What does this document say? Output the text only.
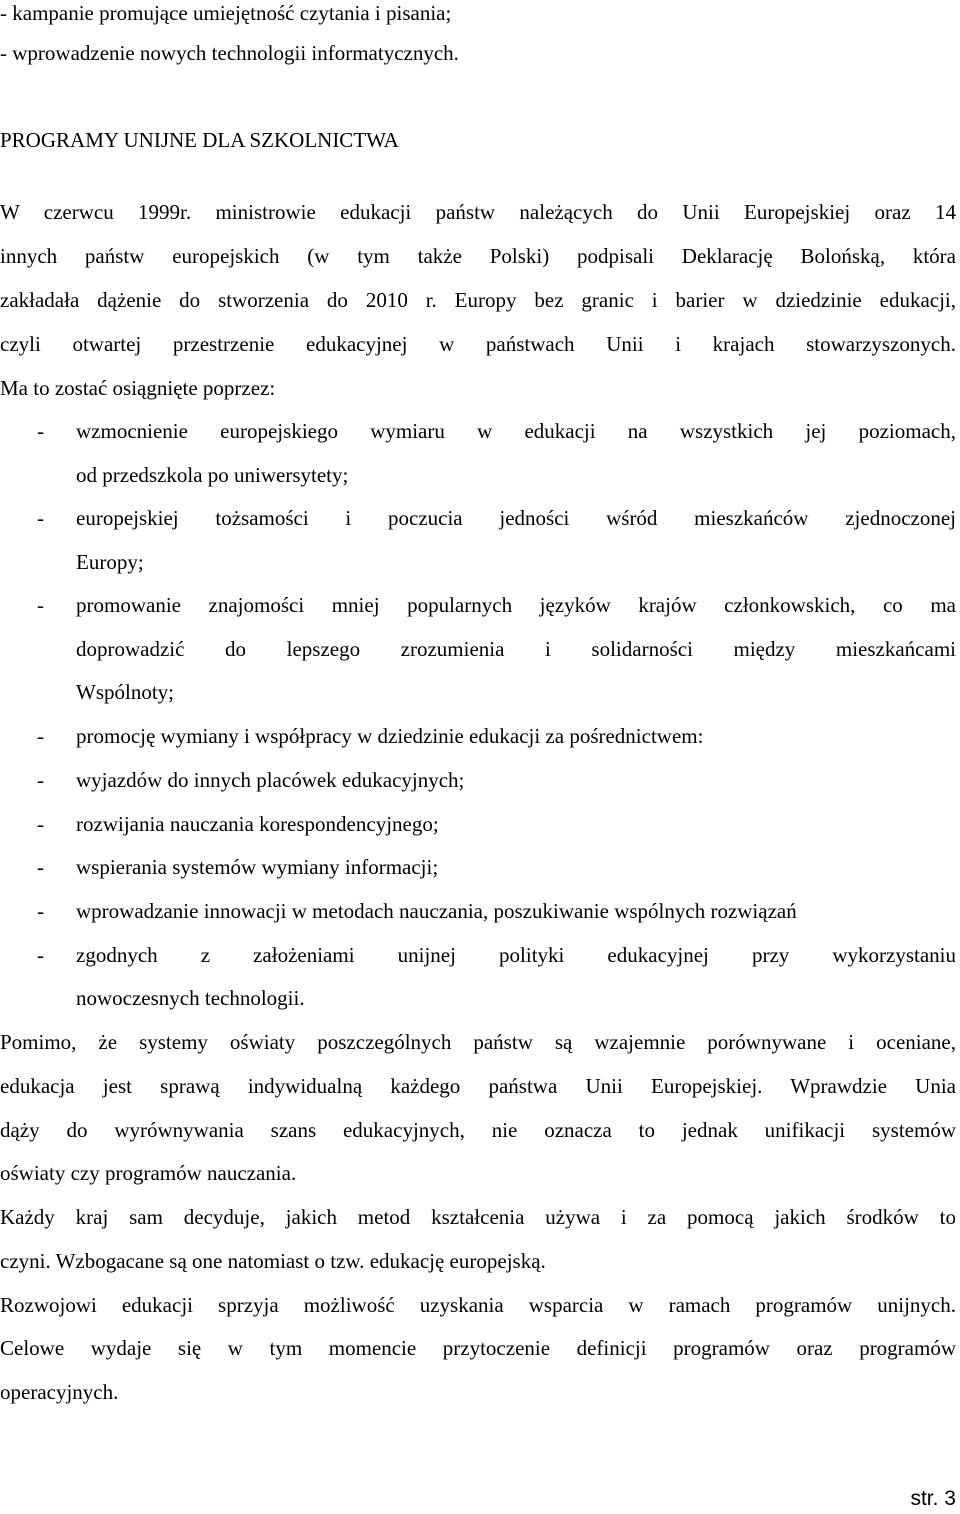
- kampanie promujące umiejętność czytania i pisania;

- wprowadzenie nowych technologii informatycznych.

PROGRAMY UNIJNE DLA SZKOLNICTWA

W czerwcu 1999r. ministrowie edukacji państw należących do Unii Europejskiej oraz 14

innych państw europejskich (w tym także Polski) podpisali Deklarację Bolońską, która

zakładała dążenie do stworzenia do 2010 r. Europy bez granic i barier w dziedzinie edukacji,

czyli otwartej przestrzenie edukacyjnej w państwach Unii i krajach stowarzyszonych.

Ma to zostać osiągnięte poprzez:

-	wzmocnienie europejskiego wymiaru w edukacji na wszystkich jej poziomach,

od przedszkola po uniwersytety;

-	europejskiej tożsamości i poczucia jedności wśród mieszkańców zjednoczonej

Europy;

-	promowanie znajomości mniej popularnych języków krajów członkowskich, co ma

doprowadzić do lepszego zrozumienia i solidarności między mieszkańcami

Wspólnoty;

-	promocję wymiany i współpracy w dziedzinie edukacji za pośrednictwem:

-	wyjazdów do innych placówek edukacyjnych;

-	rozwijania nauczania korespondencyjnego;

-	wspierania systemów wymiany informacji;

-	wprowadzanie innowacji w metodach nauczania, poszukiwanie wspólnych rozwiązań

-	zgodnych z założeniami unijnej polityki edukacyjnej przy wykorzystaniu

nowoczesnych technologii.

Pomimo, że systemy oświaty poszczególnych państw są wzajemnie porównywane i oceniane,

edukacja jest sprawą indywidualną każdego państwa Unii Europejskiej. Wprawdzie Unia

dąży do wyrównywania szans edukacyjnych, nie oznacza to jednak unifikacji systemów

oświaty czy programów nauczania.

Każdy kraj sam decyduje, jakich metod kształcenia używa i za pomocą jakich środków to

czyni. Wzbogacane są one natomiast o tzw. edukację europejską.

Rozwojowi edukacji sprzyja możliwość uzyskania wsparcia w ramach programów unijnych.

Celowe wydaje się w tym momencie przytoczenie definicji programów oraz programów

operacyjnych.

str. 3
